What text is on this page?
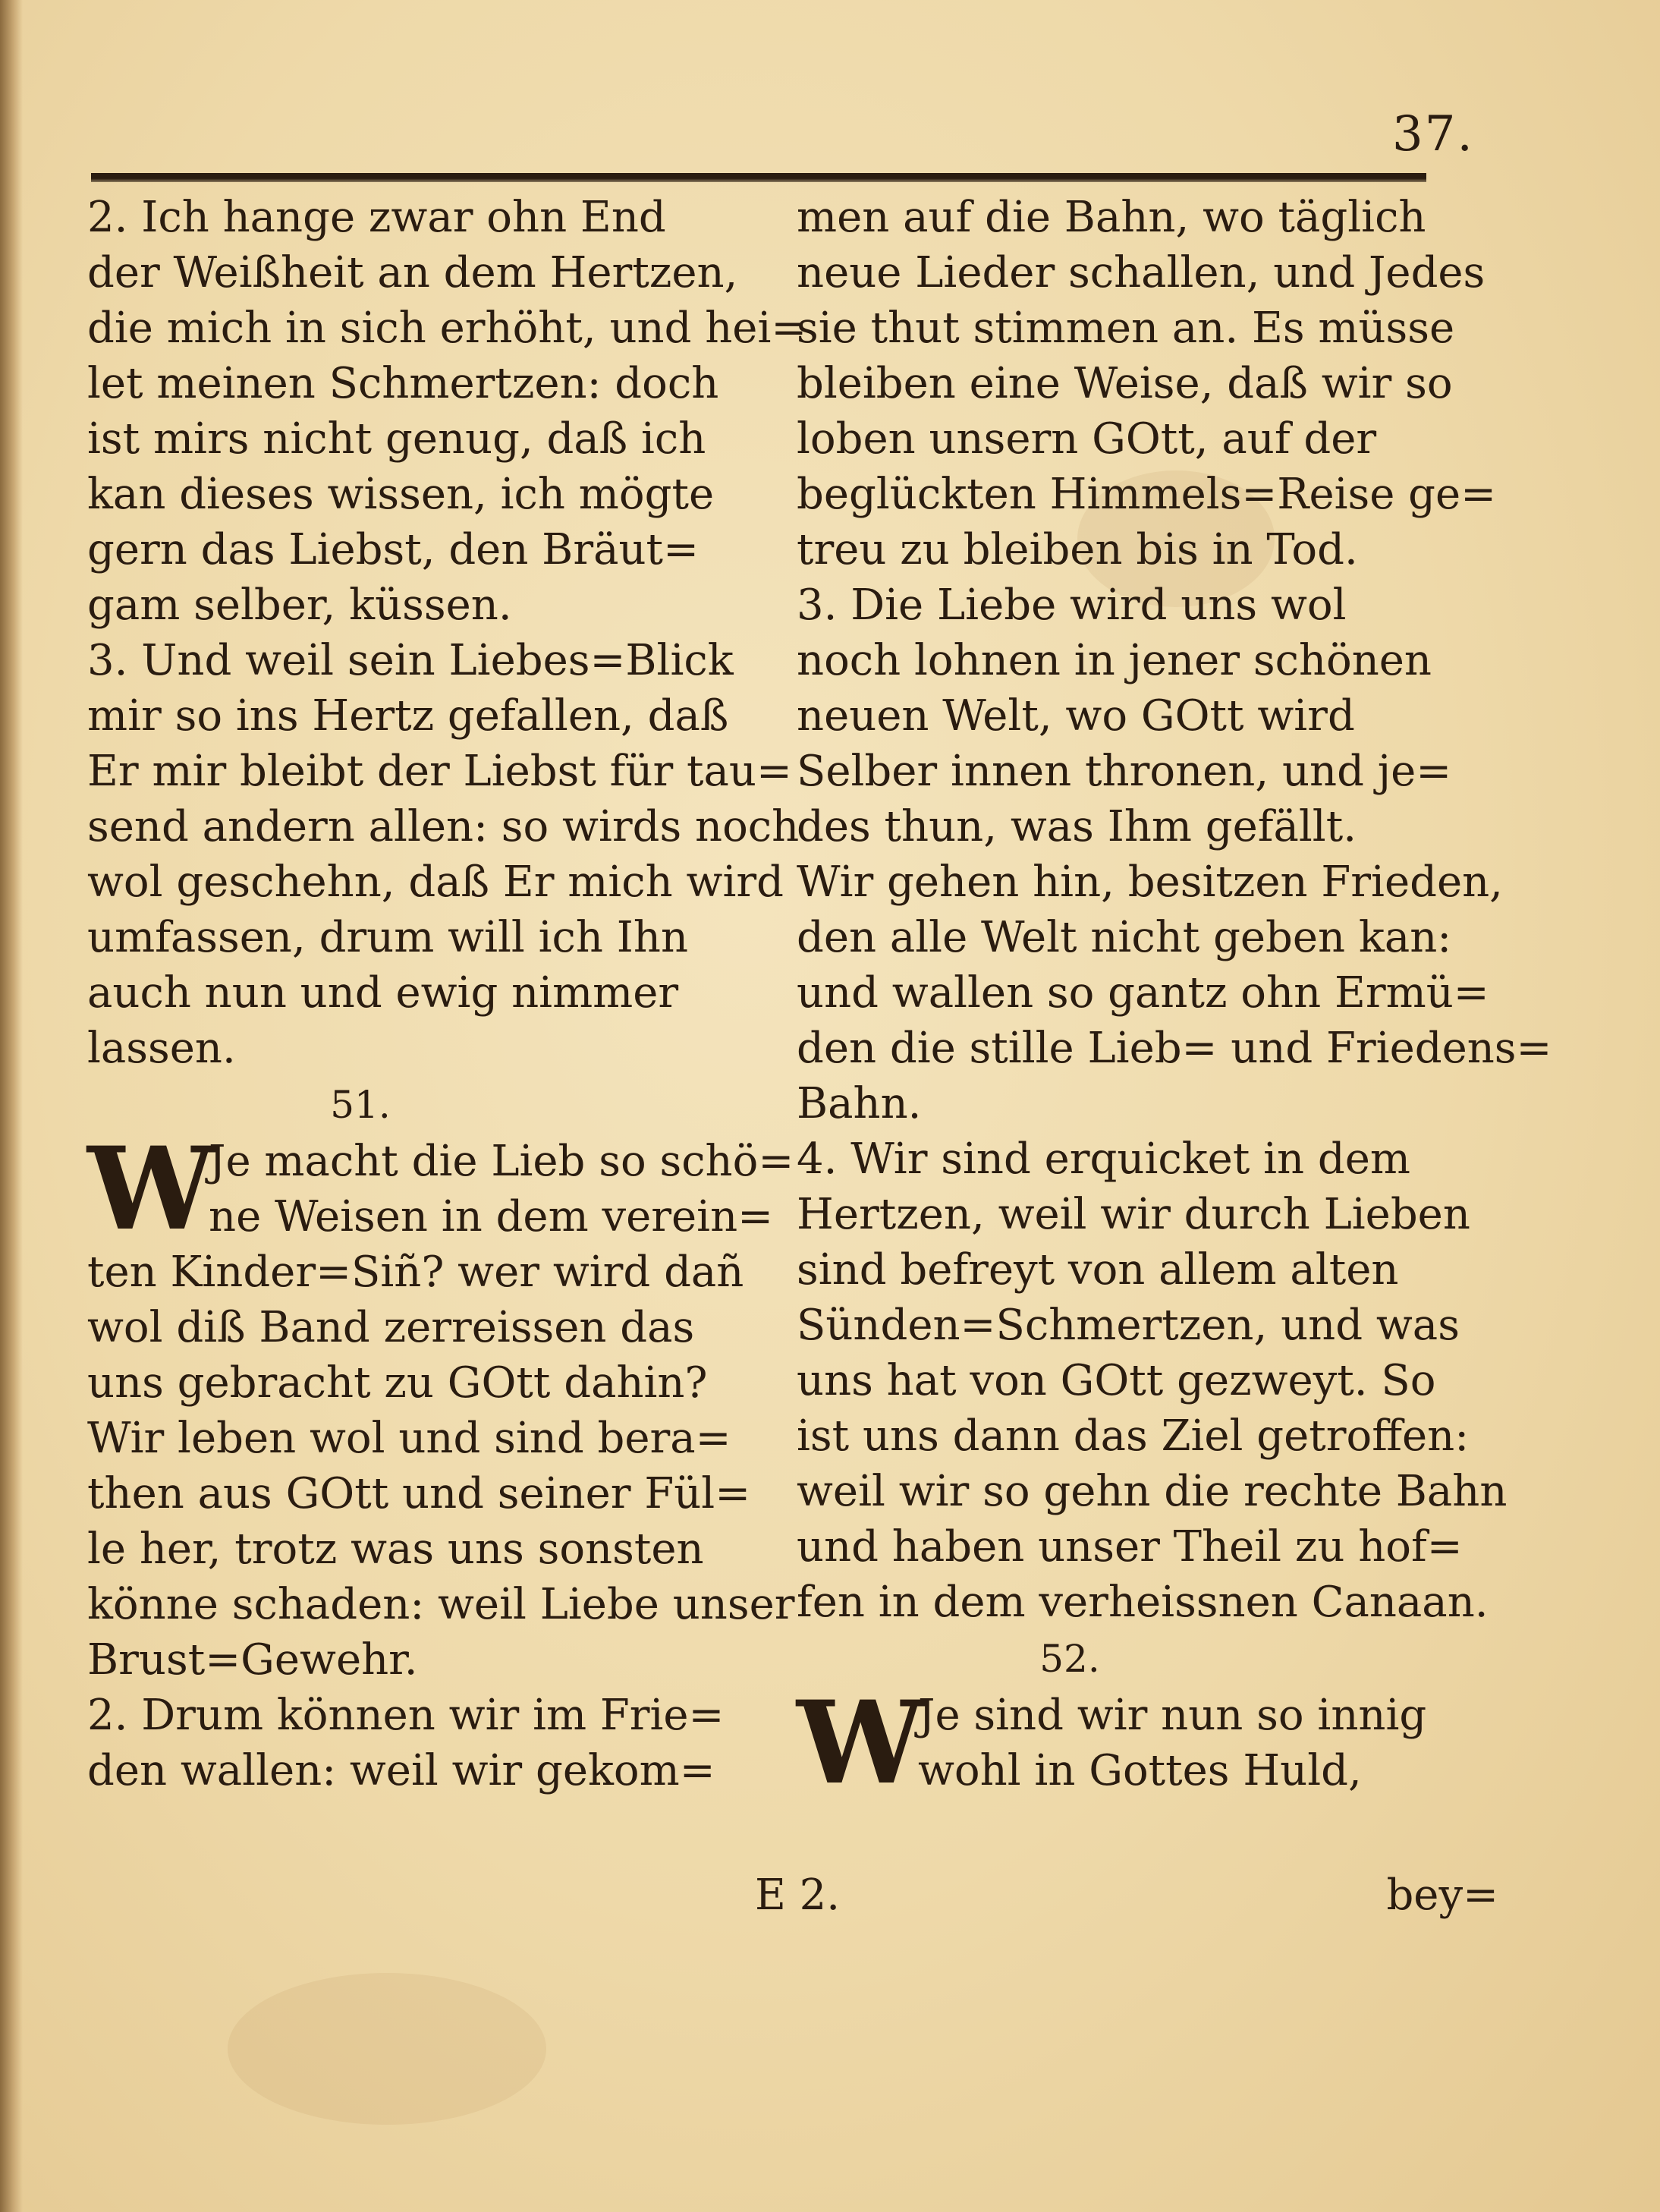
37.
2. Ich hange zwar ohn End
der Weißheit an dem Hertzen,
die mich in sich erhöht, und hei=
let meinen Schmertzen: doch
ist mirs nicht genug, daß ich
kan dieses wissen, ich mögte
gern das Liebst, den Bräut=
gam selber, küssen.
3. Und weil sein Liebes=Blick
mir so ins Hertz gefallen, daß
Er mir bleibt der Liebst für tau=
send andern allen: so wirds noch
wol geschehn, daß Er mich wird
umfassen, drum will ich Ihn
auch nun und ewig nimmer
lassen.
51.
W
Je macht die Lieb so schö=
ne Weisen in dem verein=
ten Kinder=Siñ? wer wird dañ
wol diß Band zerreissen das
uns gebracht zu GOtt dahin?
Wir leben wol und sind bera=
then aus GOtt und seiner Fül=
le her, trotz was uns sonsten
könne schaden: weil Liebe unser
Brust=Gewehr.
2. Drum können wir im Frie=
den wallen: weil wir gekom=
men auf die Bahn, wo täglich
neue Lieder schallen, und Jedes
sie thut stimmen an. Es müsse
bleiben eine Weise, daß wir so
loben unsern GOtt, auf der
beglückten Himmels=Reise ge=
treu zu bleiben bis in Tod.
3. Die Liebe wird uns wol
noch lohnen in jener schönen
neuen Welt, wo GOtt wird
Selber innen thronen, und je=
des thun, was Ihm gefällt.
Wir gehen hin, besitzen Frieden,
den alle Welt nicht geben kan:
und wallen so gantz ohn Ermü=
den die stille Lieb= und Friedens=
Bahn.
4. Wir sind erquicket in dem
Hertzen, weil wir durch Lieben
sind befreyt von allem alten
Sünden=Schmertzen, und was
uns hat von GOtt gezweyt. So
ist uns dann das Ziel getroffen:
weil wir so gehn die rechte Bahn
und haben unser Theil zu hof=
fen in dem verheissnen Canaan.
52.
W
Je sind wir nun so innig
wohl in Gottes Huld,
E 2.	bey=
